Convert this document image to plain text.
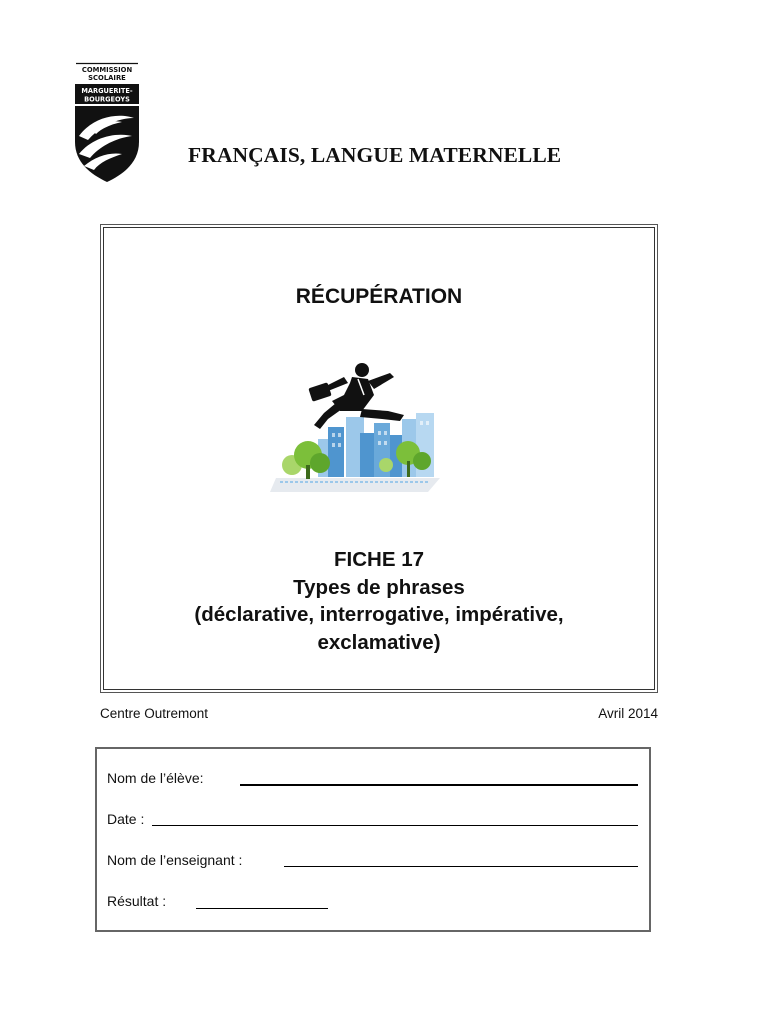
COMMISSION
SCOLAIRE
MARGUERITE-
BOURGEOYS
FRANÇAIS, LANGUE MATERNELLE
RÉCUPÉRATION
FICHE 17
Types de phrases
(déclarative, interrogative, impérative,
exclamative)
Centre Outremont	Avril 2014
Nom de l’élève:
Date :
Nom de l’enseignant :
Résultat :
